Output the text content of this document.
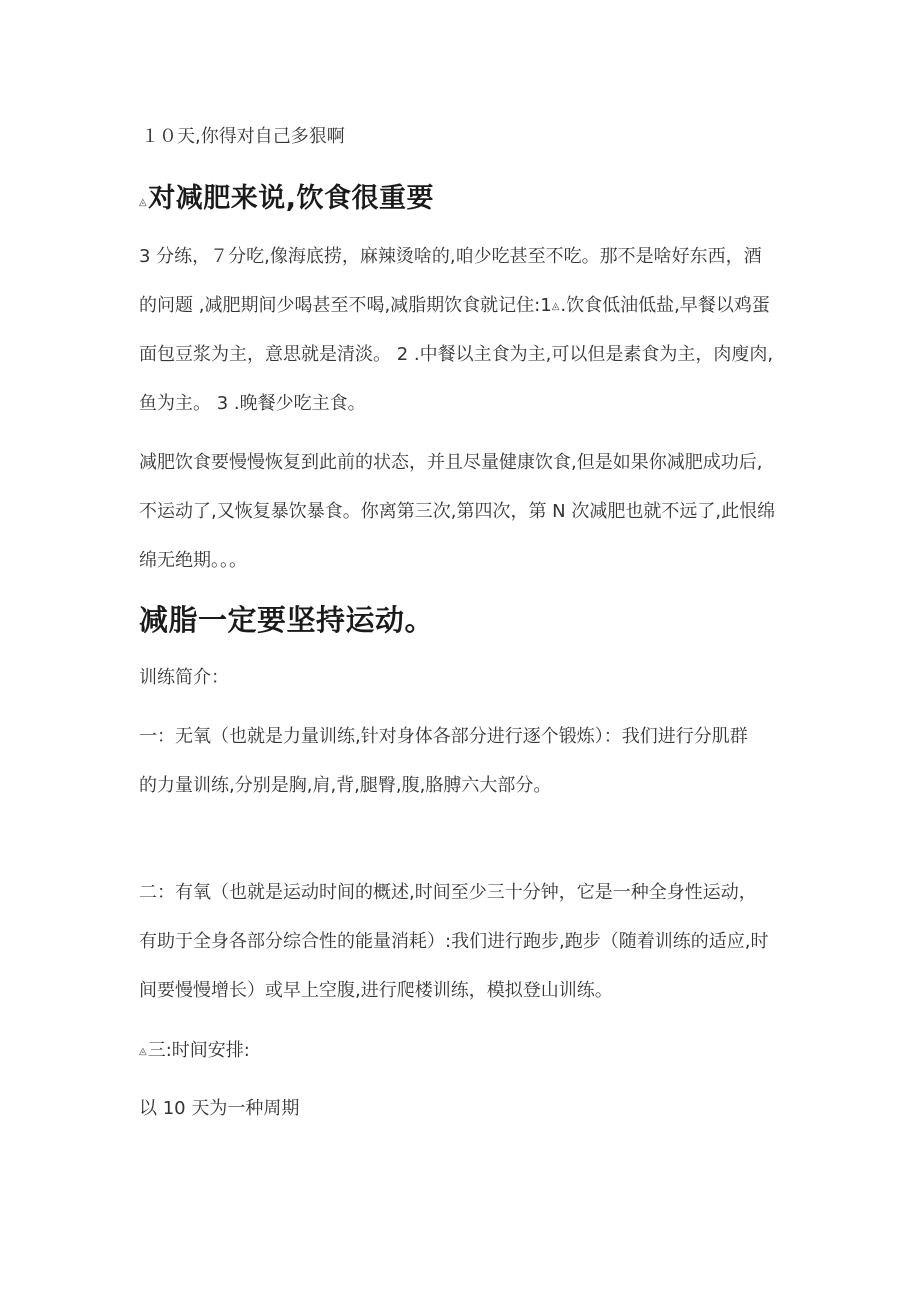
１０天,你得对自己多狠啊
◬对减肥来说,饮食很重要
3 分练，７分吃,像海底捞，麻辣烫啥的,咱少吃甚至不吃。那不是啥好东西，酒
的问题 ,减肥期间少喝甚至不喝,减脂期饮食就记住:1◬.饮食低油低盐,早餐以鸡蛋
面包豆浆为主，意思就是清淡。 2 .中餐以主食为主,可以但是素食为主，肉廋肉,
鱼为主。 3 .晚餐少吃主食。
减肥饮食要慢慢恢复到此前的状态，并且尽量健康饮食,但是如果你减肥成功后,
不运动了,又恢复暴饮暴食。你离第三次,第四次，第 N 次减肥也就不远了,此恨绵
绵无绝期。。。
减脂一定要坚持运动。
训练简介：
一：无氧（也就是力量训练,针对身体各部分进行逐个锻炼）：我们进行分肌群
的力量训练,分别是胸,肩,背,腿臀,腹,胳膊六大部分。
二：有氧（也就是运动时间的概述,时间至少三十分钟，它是一种全身性运动，
有助于全身各部分综合性的能量消耗）:我们进行跑步,跑步（随着训练的适应,时
间要慢慢增长）或早上空腹,进行爬楼训练，模拟登山训练。
◬三:时间安排:
以 10 天为一种周期
